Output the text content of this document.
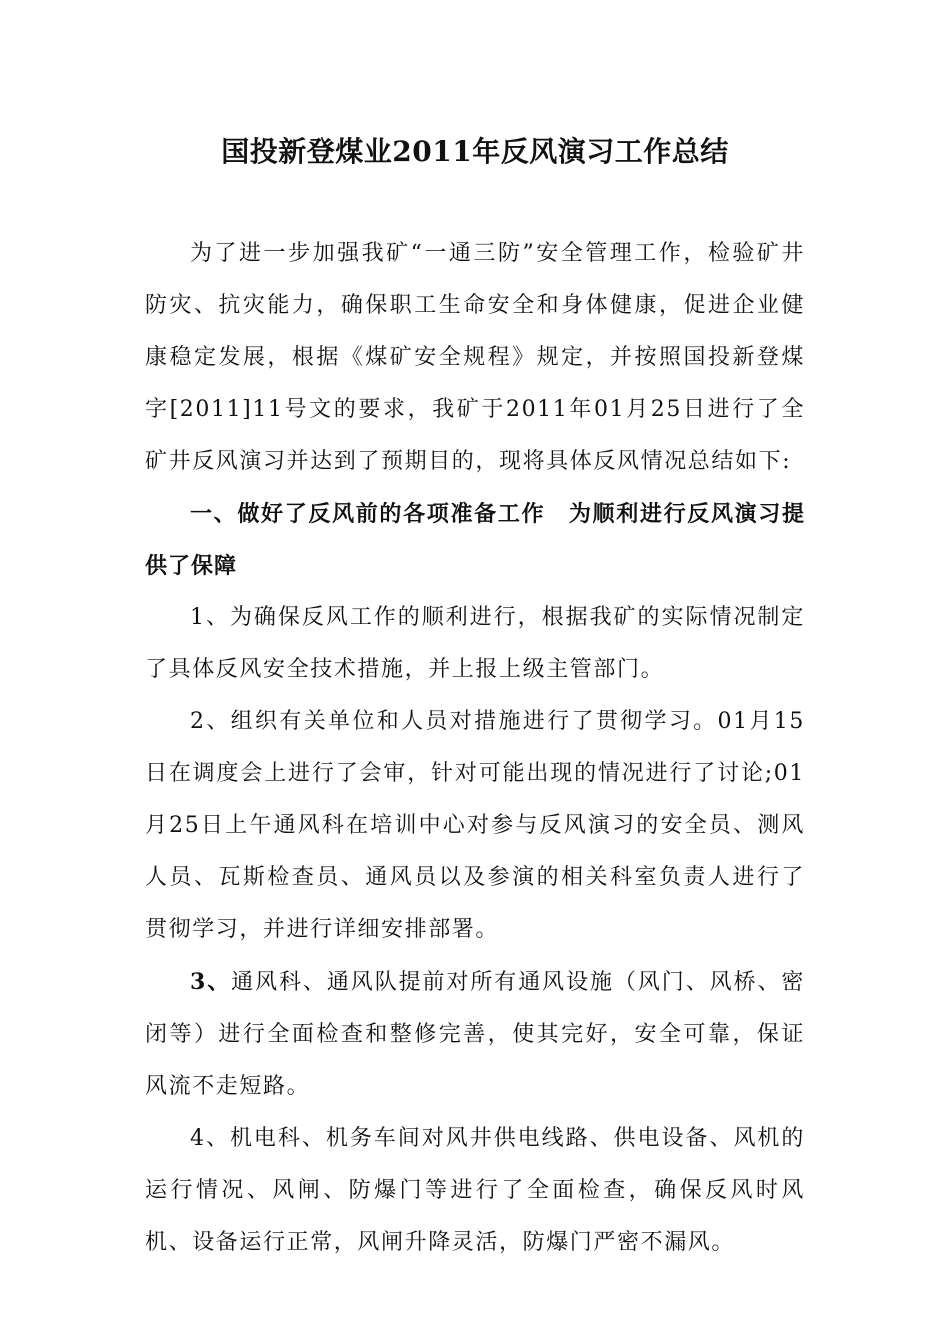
国投新登煤业2011年反风演习工作总结

为了进一步加强我矿“一通三防”安全管理工作，检验矿井防灾、抗灾能力，确保职工生命安全和身体健康，促进企业健康稳定发展，根据《煤矿安全规程》规定，并按照国投新登煤字[2011]11号文的要求，我矿于2011年01月25日进行了全矿井反风演习并达到了预期目的，现将具体反风情况总结如下:

一、做好了反风前的各项准备工作　为顺利进行反风演习提供了保障

1、为确保反风工作的顺利进行，根据我矿的实际情况制定了具体反风安全技术措施，并上报上级主管部门。

2、组织有关单位和人员对措施进行了贯彻学习。01月15日在调度会上进行了会审，针对可能出现的情况进行了讨论;01月25日上午通风科在培训中心对参与反风演习的安全员、测风人员、瓦斯检查员、通风员以及参演的相关科室负责人进行了贯彻学习，并进行详细安排部署。

3、通风科、通风队提前对所有通风设施（风门、风桥、密闭等）进行全面检查和整修完善，使其完好，安全可靠，保证风流不走短路。

4、机电科、机务车间对风井供电线路、供电设备、风机的运行情况、风闸、防爆门等进行了全面检查，确保反风时风机、设备运行正常，风闸升降灵活，防爆门严密不漏风。
